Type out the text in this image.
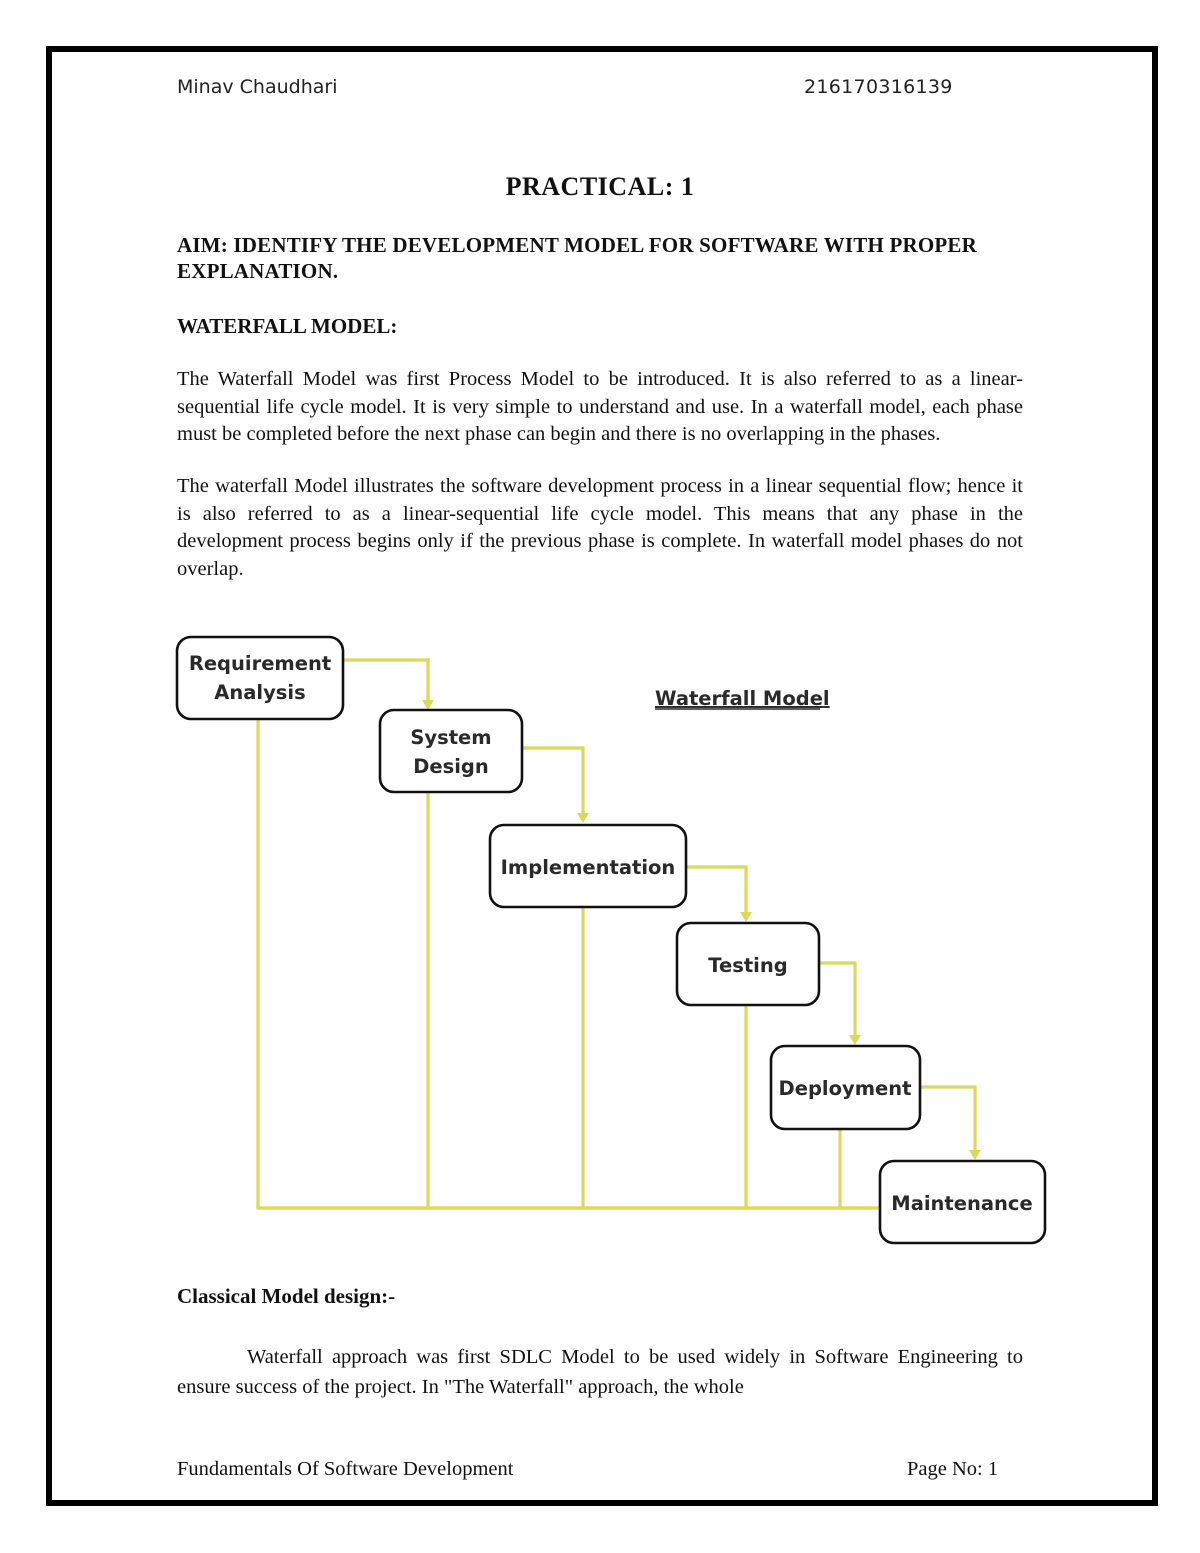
Minav Chaudhari	216170316139
PRACTICAL: 1
AIM: IDENTIFY THE DEVELOPMENT MODEL FOR SOFTWARE WITH PROPER EXPLANATION.
WATERFALL MODEL:
The Waterfall Model was first Process Model to be introduced. It is also referred to as a linear-sequential life cycle model. It is very simple to understand and use. In a waterfall model, each phase must be completed before the next phase can begin and there is no overlapping in the phases.
The waterfall Model illustrates the software development process in a linear sequential flow; hence it is also referred to as a linear-sequential life cycle model. This means that any phase in the development process begins only if the previous phase is complete. In waterfall model phases do not overlap.
Requirement
Analysis
System
Design
Implementation
Testing
Deployment
Maintenance
Waterfall Model
Classical Model design:-
Waterfall approach was first SDLC Model to be used widely in Software Engineering to ensure success of the project. In "The Waterfall" approach, the whole
Fundamentals Of Software Development	Page No: 1
